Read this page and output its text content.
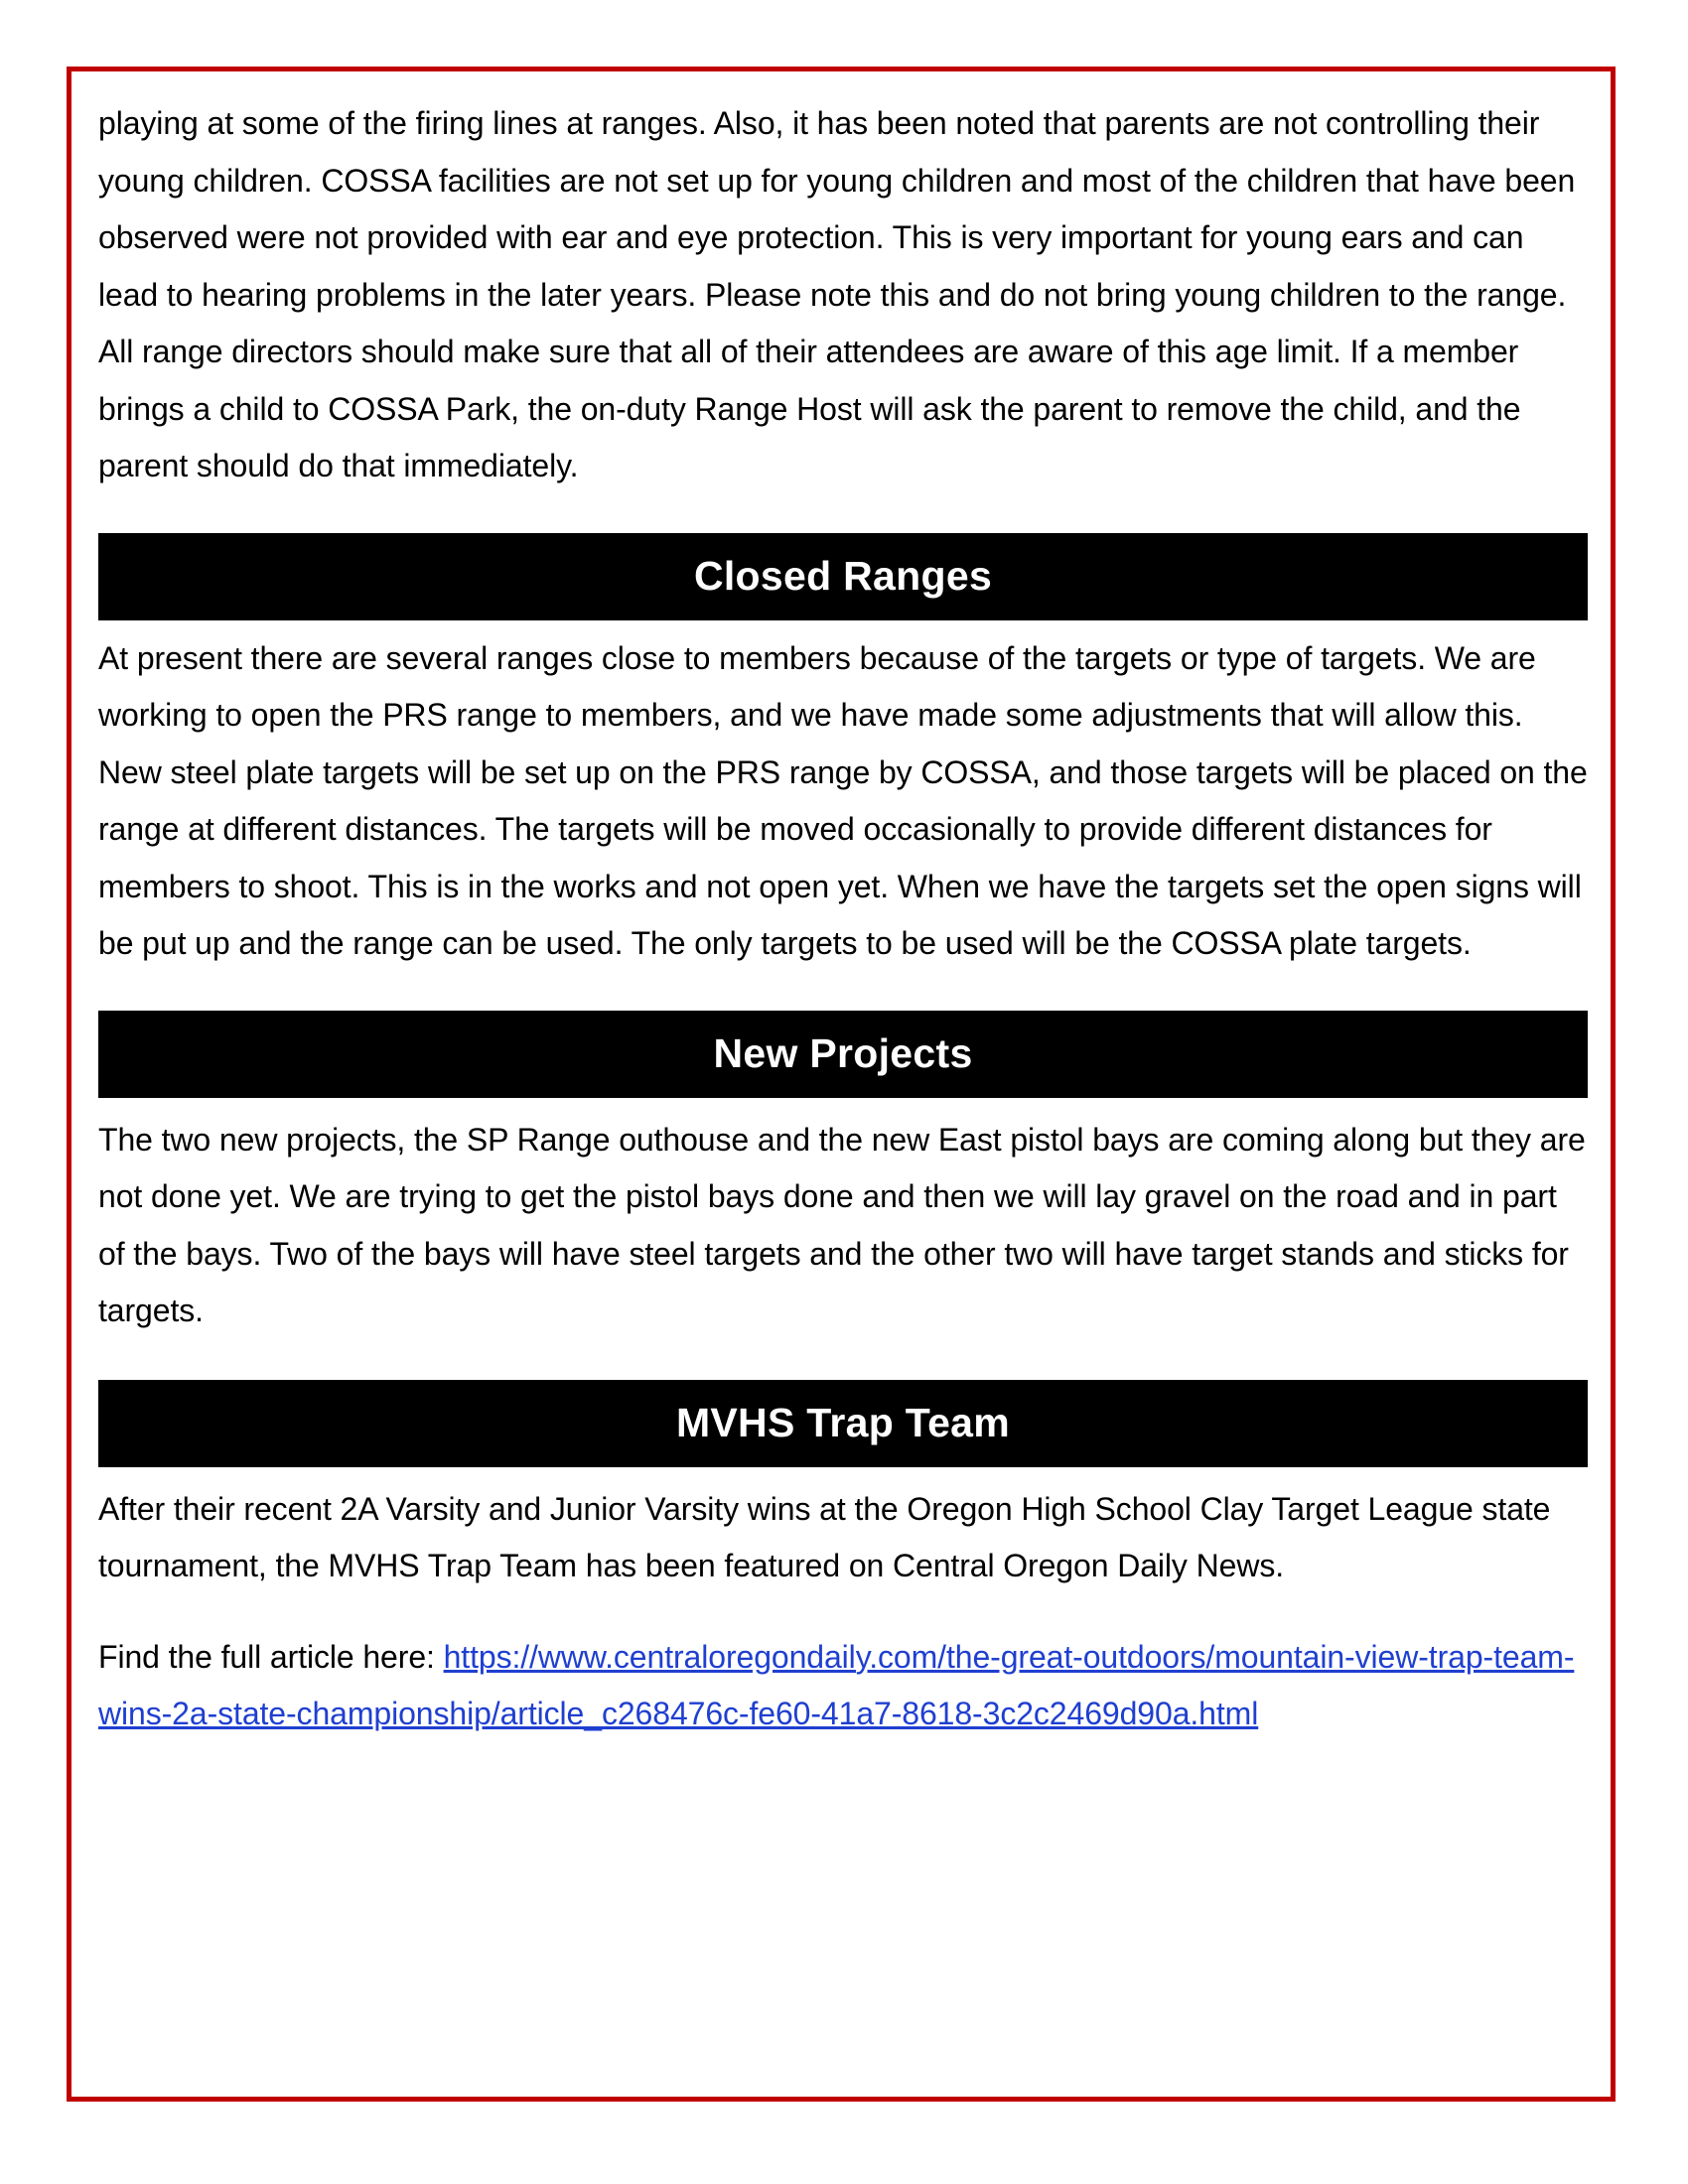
playing at some of the firing lines at ranges. Also, it has been noted that parents are not controlling their young children. COSSA facilities are not set up for young children and most of the children that have been observed were not provided with ear and eye protection. This is very important for young ears and can lead to hearing problems in the later years. Please note this and do not bring young children to the range. All range directors should make sure that all of their attendees are aware of this age limit. If a member brings a child to COSSA Park, the on-duty Range Host will ask the parent to remove the child, and the parent should do that immediately.

Closed Ranges

At present there are several ranges close to members because of the targets or type of targets. We are working to open the PRS range to members, and we have made some adjustments that will allow this. New steel plate targets will be set up on the PRS range by COSSA, and those targets will be placed on the range at different distances. The targets will be moved occasionally to provide different distances for members to shoot. This is in the works and not open yet. When we have the targets set the open signs will be put up and the range can be used. The only targets to be used will be the COSSA plate targets.

New Projects

The two new projects, the SP Range outhouse and the new East pistol bays are coming along but they are not done yet. We are trying to get the pistol bays done and then we will lay gravel on the road and in part of the bays. Two of the bays will have steel targets and the other two will have target stands and sticks for targets.

MVHS Trap Team

After their recent 2A Varsity and Junior Varsity wins at the Oregon High School Clay Target League state tournament, the MVHS Trap Team has been featured on Central Oregon Daily News.

Find the full article here: https://www.centraloregondaily.com/the-great-outdoors/mountain-view-trap-team-wins-2a-state-championship/article_c268476c-fe60-41a7-8618-3c2c2469d90a.html
